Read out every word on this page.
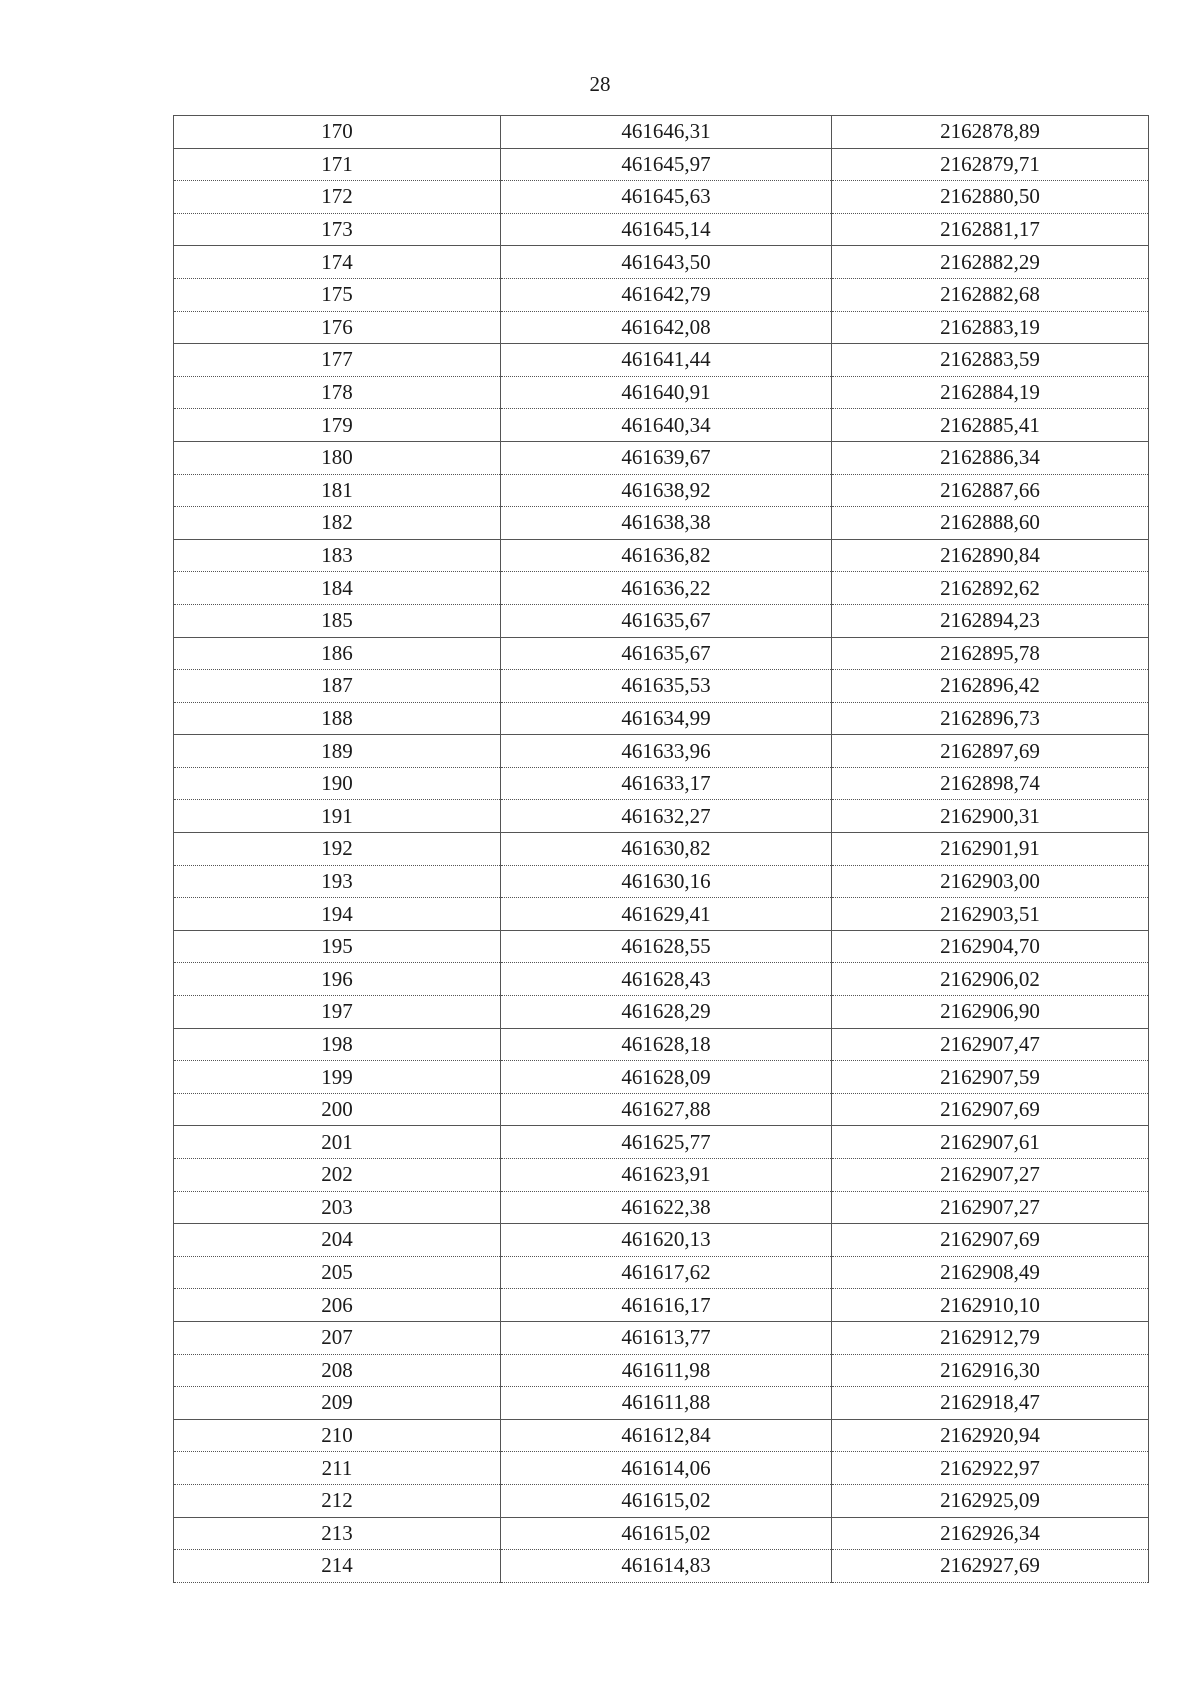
28
170	461646,31	2162878,89
171	461645,97	2162879,71
172	461645,63	2162880,50
173	461645,14	2162881,17
174	461643,50	2162882,29
175	461642,79	2162882,68
176	461642,08	2162883,19
177	461641,44	2162883,59
178	461640,91	2162884,19
179	461640,34	2162885,41
180	461639,67	2162886,34
181	461638,92	2162887,66
182	461638,38	2162888,60
183	461636,82	2162890,84
184	461636,22	2162892,62
185	461635,67	2162894,23
186	461635,67	2162895,78
187	461635,53	2162896,42
188	461634,99	2162896,73
189	461633,96	2162897,69
190	461633,17	2162898,74
191	461632,27	2162900,31
192	461630,82	2162901,91
193	461630,16	2162903,00
194	461629,41	2162903,51
195	461628,55	2162904,70
196	461628,43	2162906,02
197	461628,29	2162906,90
198	461628,18	2162907,47
199	461628,09	2162907,59
200	461627,88	2162907,69
201	461625,77	2162907,61
202	461623,91	2162907,27
203	461622,38	2162907,27
204	461620,13	2162907,69
205	461617,62	2162908,49
206	461616,17	2162910,10
207	461613,77	2162912,79
208	461611,98	2162916,30
209	461611,88	2162918,47
210	461612,84	2162920,94
211	461614,06	2162922,97
212	461615,02	2162925,09
213	461615,02	2162926,34
214	461614,83	2162927,69
